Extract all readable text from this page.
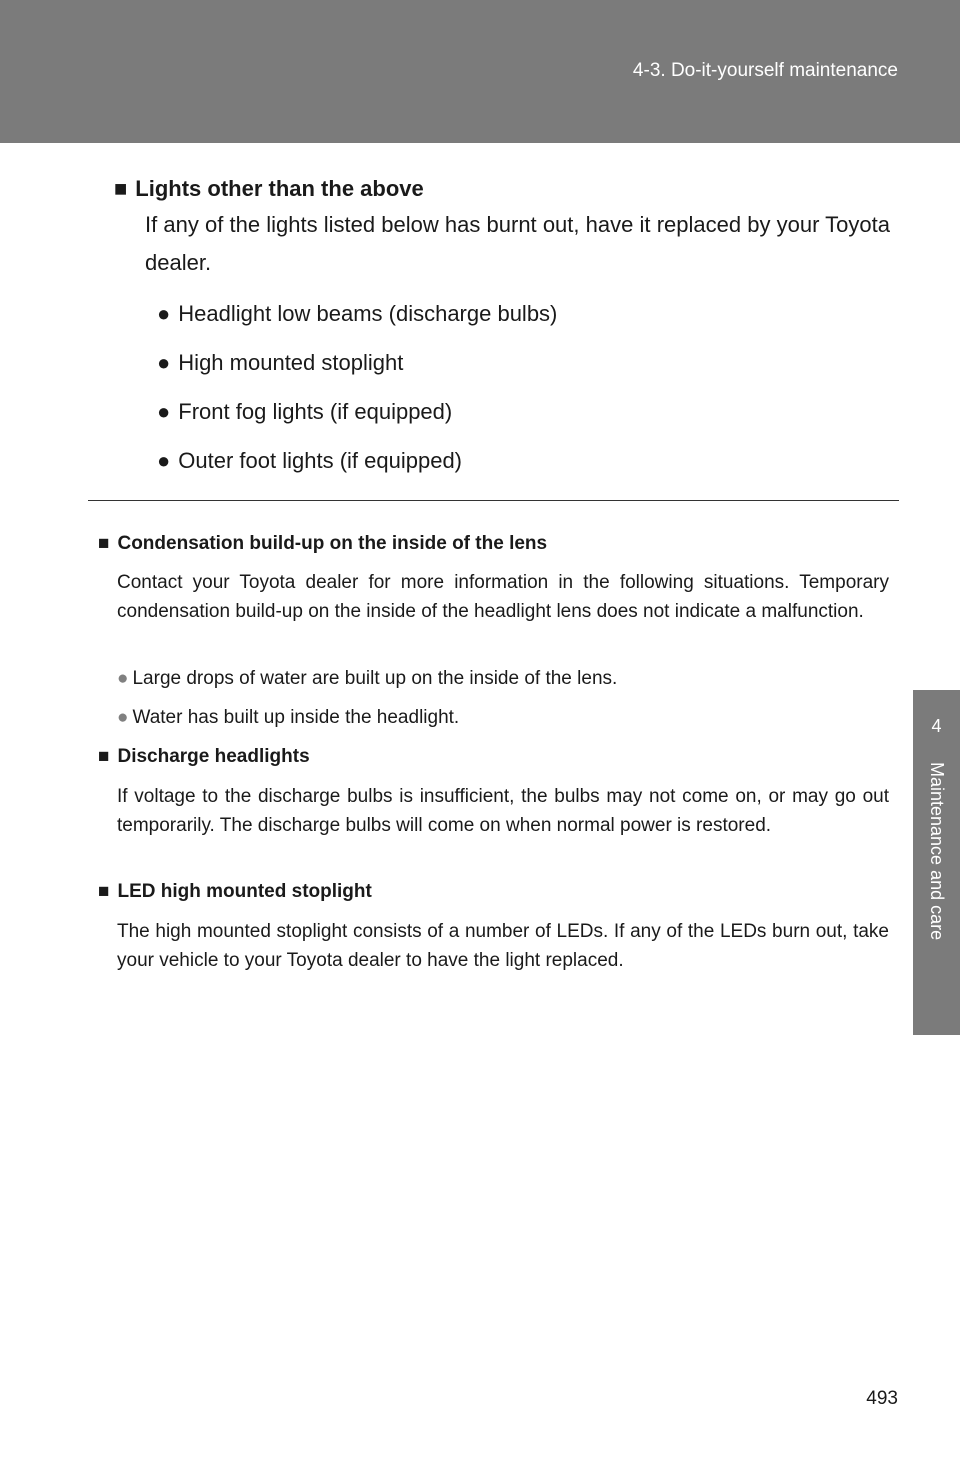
4-3. Do-it-yourself maintenance
4
Maintenance and care
■ Lights other than the above
If any of the lights listed below has burnt out, have it replaced by your Toyota dealer.
● Headlight low beams (discharge bulbs)
● High mounted stoplight
● Front fog lights (if equipped)
● Outer foot lights (if equipped)
■ Condensation build-up on the inside of the lens
Contact your Toyota dealer for more information in the following situations. Temporary condensation build-up on the inside of the headlight lens does not indicate a malfunction.
● Large drops of water are built up on the inside of the lens.
● Water has built up inside the headlight.
■ Discharge headlights
If voltage to the discharge bulbs is insufficient, the bulbs may not come on, or may go out temporarily. The discharge bulbs will come on when normal power is restored.
■ LED high mounted stoplight
The high mounted stoplight consists of a number of LEDs. If any of the LEDs burn out, take your vehicle to your Toyota dealer to have the light replaced.
493
